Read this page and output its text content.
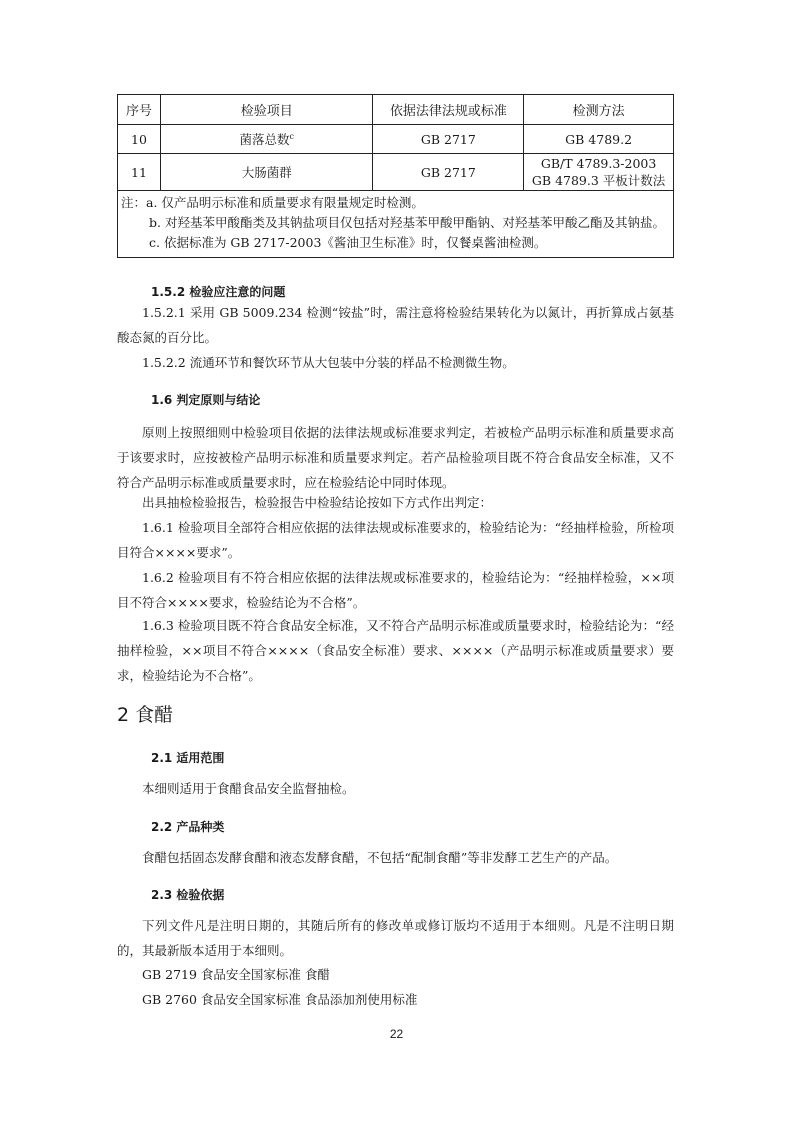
序号	检验项目	依据法律法规或标准	检测方法
10	菌落总数$^c$	GB 2717	GB 4789.2
11	大肠菌群	GB 2717	GB/T 4789.3-2003
GB 4789.3 平板计数法

注：a. 仅产品明示标准和质量要求有限量规定时检测。
b. 对羟基苯甲酸酯类及其钠盐项目仅包括对羟基苯甲酸甲酯钠、对羟基苯甲酸乙酯及其钠盐。
c. 依据标准为 GB 2717-2003《酱油卫生标准》时，仅餐桌酱油检测。			
1.5.2 检验应注意的问题
1.5.2.1 采用 GB 5009.234 检测“铵盐”时，需注意将检验结果转化为以氮计，再折算成占氨基酸态氮的百分比。
1.5.2.2 流通环节和餐饮环节从大包装中分装的样品不检测微生物。
1.6 判定原则与结论
原则上按照细则中检验项目依据的法律法规或标准要求判定，若被检产品明示标准和质量要求高于该要求时，应按被检产品明示标准和质量要求判定。若产品检验项目既不符合食品安全标准，又不符合产品明示标准或质量要求时，应在检验结论中同时体现。
出具抽检检验报告，检验报告中检验结论按如下方式作出判定：
1.6.1 检验项目全部符合相应依据的法律法规或标准要求的，检验结论为：“经抽样检验，所检项目符合××××要求”。
1.6.2 检验项目有不符合相应依据的法律法规或标准要求的，检验结论为：“经抽样检验，××项目不符合××××要求，检验结论为不合格”。
1.6.3 检验项目既不符合食品安全标准，又不符合产品明示标准或质量要求时，检验结论为：“经抽样检验，××项目不符合××××（食品安全标准）要求、××××（产品明示标准或质量要求）要求，检验结论为不合格”。
2 食醋
2.1 适用范围
本细则适用于食醋食品安全监督抽检。
2.2 产品种类
食醋包括固态发酵食醋和液态发酵食醋，不包括“配制食醋”等非发酵工艺生产的产品。
2.3 检验依据
下列文件凡是注明日期的，其随后所有的修改单或修订版均不适用于本细则。凡是不注明日期的，其最新版本适用于本细则。
GB 2719 食品安全国家标准 食醋
GB 2760 食品安全国家标准 食品添加剂使用标准
22
